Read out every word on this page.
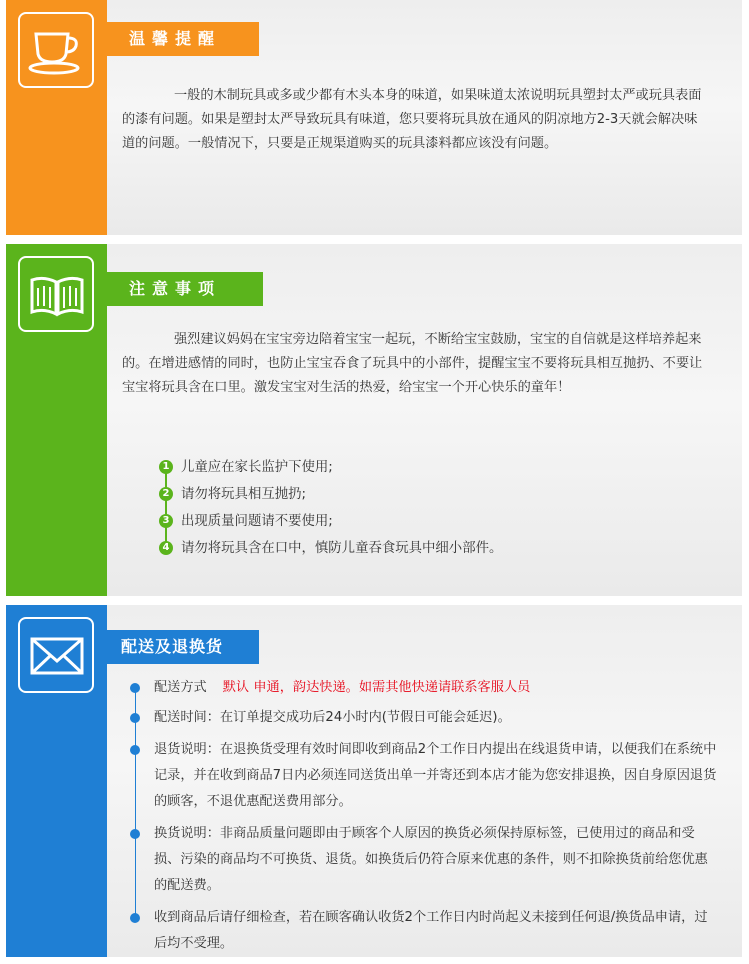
温馨提醒

一般的木制玩具或多或少都有木头本身的味道，如果味道太浓说明玩具塑封太严或玩具表面的漆有问题。如果是塑封太严导致玩具有味道，您只要将玩具放在通风的阴凉地方2-3天就会解决味道的问题。一般情况下，只要是正规渠道购买的玩具漆料都应该没有问题。

注意事项

强烈建议妈妈在宝宝旁边陪着宝宝一起玩，不断给宝宝鼓励，宝宝的自信就是这样培养起来的。在增进感情的同时，也防止宝宝吞食了玩具中的小部件，提醒宝宝不要将玩具相互抛扔、不要让宝宝将玩具含在口里。激发宝宝对生活的热爱，给宝宝一个开心快乐的童年！

1 儿童应在家长监护下使用;
2 请勿将玩具相互抛扔;
3 出现质量问题请不要使用;
4 请勿将玩具含在口中，慎防儿童吞食玩具中细小部件。
配送及退换货
配送方式 默认 申通，韵达快递。如需其他快递请联系客服人员
配送时间：在订单提交成功后24小时内(节假日可能会延迟)。
退货说明：在退换货受理有效时间即收到商品2个工作日内提出在线退货申请，以便我们在系统中记录，并在收到商品7日内必须连同送货出单一并寄还到本店才能为您安排退换，因自身原因退货的顾客，不退优惠配送费用部分。
换货说明：非商品质量问题即由于顾客个人原因的换货必须保持原标签，已使用过的商品和受损、污染的商品均不可换货、退货。如换货后仍符合原来优惠的条件，则不扣除换货前给您优惠的配送费。
收到商品后请仔细检查，若在顾客确认收货2个工作日内时尚起义未接到任何退/换货品申请，过后均不受理。
